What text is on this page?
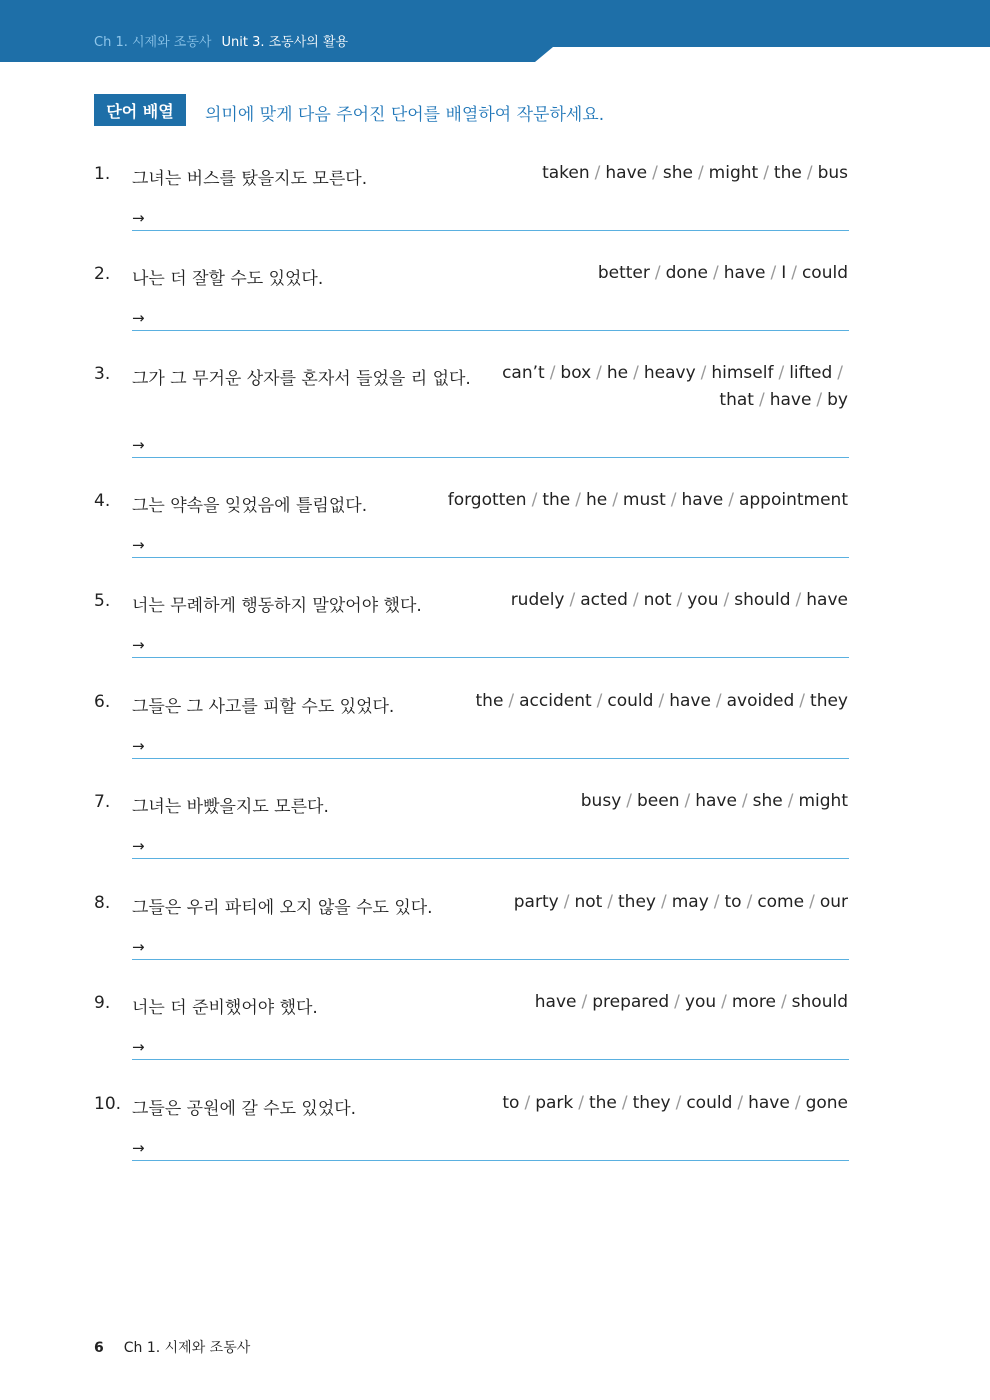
Ch 1. 시제와 조동사 Unit 3. 조동사의 활용
단어 배열	의미에 맞게 다음 주어진 단어를 배열하여 작문하세요.
1. 그녀는 버스를 탔을지도 모른다.	taken / have / she / might / the / bus
→
2. 나는 더 잘할 수도 있었다.	better / done / have / I / could
→
3. 그가 그 무거운 상자를 혼자서 들었을 리 없다. can’t / box / he / heavy / himself / lifted /
that / have / by
→
4. 그는 약속을 잊었음에 틀림없다.	forgotten / the / he / must / have / appointment
→
5. 너는 무례하게 행동하지 말았어야 했다.	rudely / acted / not / you / should / have
→
6. 그들은 그 사고를 피할 수도 있었다.	the / accident / could / have / avoided / they
→
7. 그녀는 바빴을지도 모른다.	busy / been / have / she / might
→
8. 그들은 우리 파티에 오지 않을 수도 있다.	party / not / they / may / to / come / our
→
9. 너는 더 준비했어야 했다.	have / prepared / you / more / should
→
10. 그들은 공원에 갈 수도 있었다.	to / park / the / they / could / have / gone
→
6 Ch 1. 시제와 조동사
